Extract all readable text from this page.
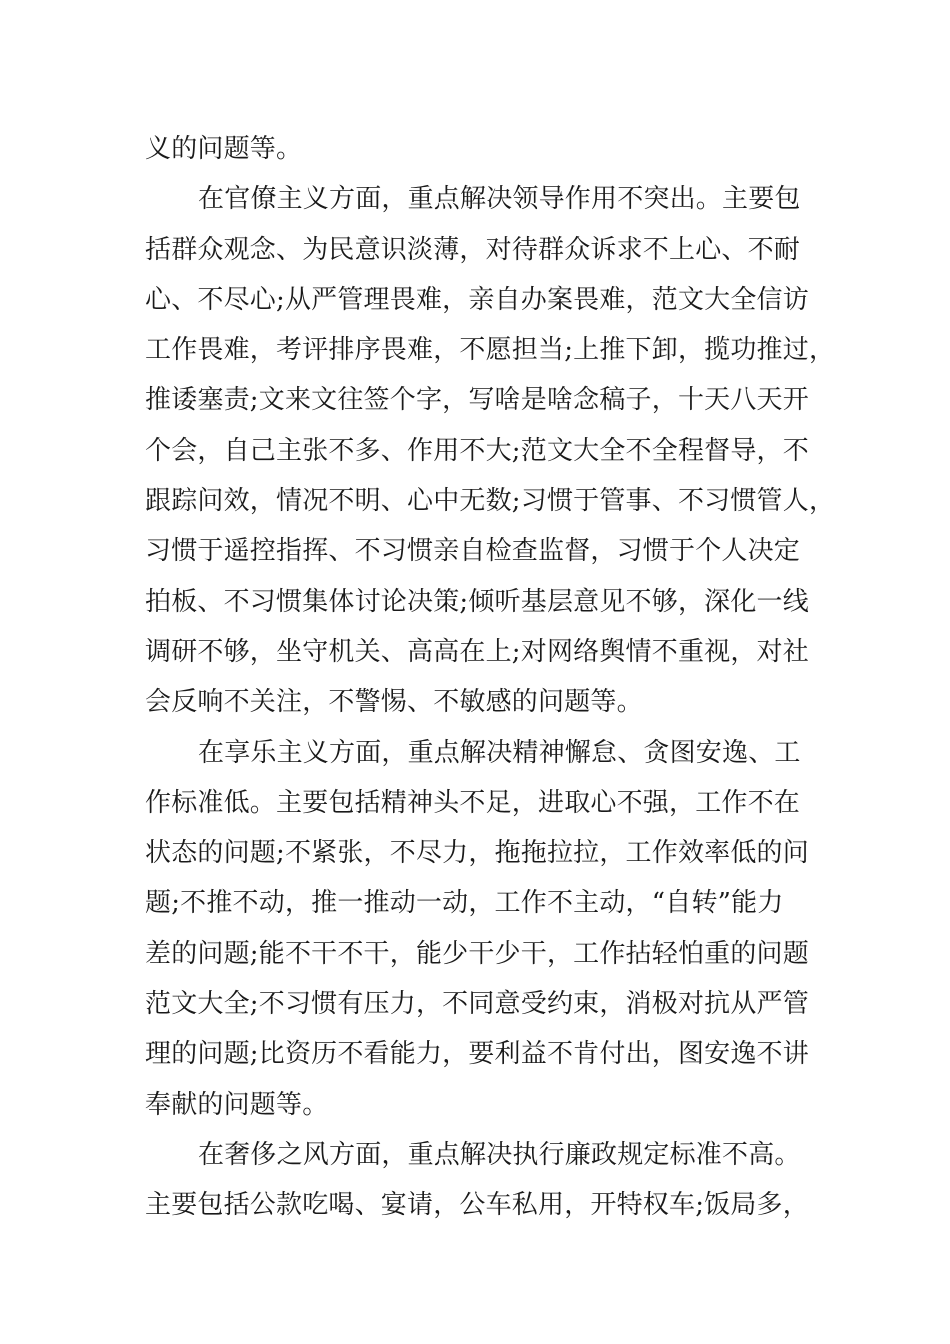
义的问题等。
在官僚主义方面，重点解决领导作用不突出。主要包
括群众观念、为民意识淡薄，对待群众诉求不上心、不耐
心、不尽心;从严管理畏难，亲自办案畏难，范文大全信访
工作畏难，考评排序畏难，不愿担当;上推下卸，揽功推过，
推诿塞责;文来文往签个字，写啥是啥念稿子，十天八天开
个会，自己主张不多、作用不大;范文大全不全程督导，不
跟踪问效，情况不明、心中无数;习惯于管事、不习惯管人，
习惯于遥控指挥、不习惯亲自检查监督，习惯于个人决定
拍板、不习惯集体讨论决策;倾听基层意见不够，深化一线
调研不够，坐守机关、高高在上;对网络舆情不重视，对社
会反响不关注，不警惕、不敏感的问题等。
在享乐主义方面，重点解决精神懈怠、贪图安逸、工
作标准低。主要包括精神头不足，进取心不强，工作不在
状态的问题;不紧张，不尽力，拖拖拉拉，工作效率低的问
题;不推不动，推一推动一动，工作不主动，“自转”能力
差的问题;能不干不干，能少干少干，工作拈轻怕重的问题
范文大全;不习惯有压力，不同意受约束，消极对抗从严管
理的问题;比资历不看能力，要利益不肯付出，图安逸不讲
奉献的问题等。
在奢侈之风方面，重点解决执行廉政规定标准不高。
主要包括公款吃喝、宴请，公车私用，开特权车;饭局多，
